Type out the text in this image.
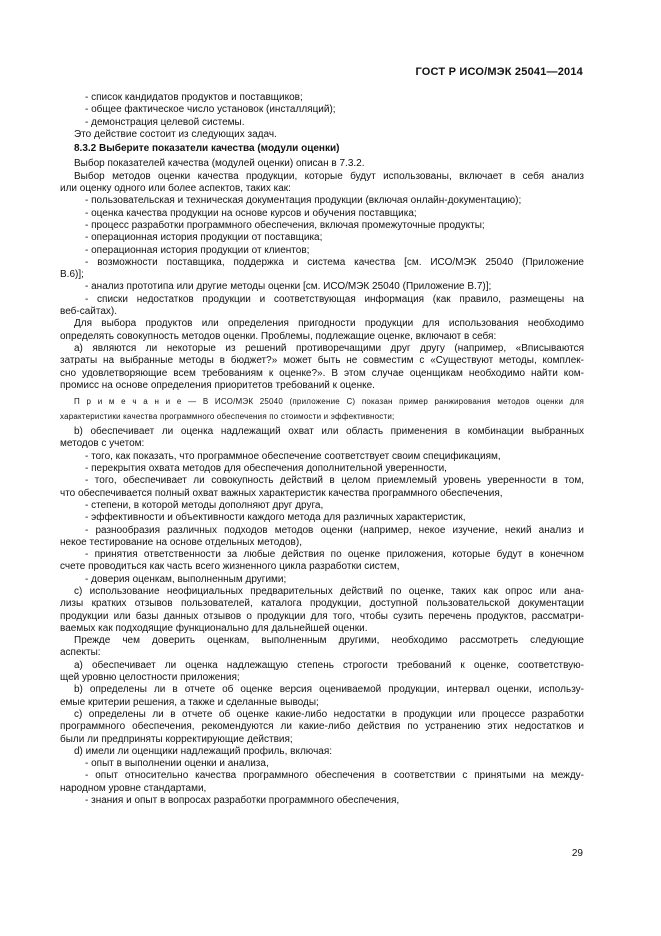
ГОСТ Р ИСО/МЭК 25041—2014
- список кандидатов продуктов и поставщиков;
- общее фактическое число установок (инсталляций);
- демонстрация целевой системы.
Это действие состоит из следующих задач.
8.3.2 Выберите показатели качества (модули оценки)
Выбор показателей качества (модулей оценки) описан в 7.3.2.
Выбор методов оценки качества продукции, которые будут использованы, включает в себя анализ
или оценку одного или более аспектов, таких как:
- пользовательская и техническая документация продукции (включая онлайн-документацию);
- оценка качества продукции на основе курсов и обучения поставщика;
- процесс разработки программного обеспечения, включая промежуточные продукты;
- операционная история продукции от поставщика;
- операционная история продукции от клиентов;
- возможности поставщика, поддержка и система качества [см. ИСО/МЭК 25040 (Приложение
В.6)];
- анализ прототипа или другие методы оценки [см. ИСО/МЭК 25040 (Приложение В.7)];
- списки недостатков продукции и соответствующая информация (как правило, размещены на
веб-сайтах).
Для выбора продуктов или определения пригодности продукции для использования необходимо
определять совокупность методов оценки. Проблемы, подлежащие оценке, включают в себя:
а) являются ли некоторые из решений противоречащими друг другу (например, «Вписываются
затраты на выбранные методы в бюджет?» может быть не совместим с «Существуют методы, комплек-
сно удовлетворяющие всем требованиям к оценке?». В этом случае оценщикам необходимо найти ком-
промисс на основе определения приоритетов требований к оценке.
П р и м е ч а н и е — В ИСО/МЭК 25040 (приложение С) показан пример ранжирования методов оценки для
характеристики качества программного обеспечения по стоимости и эффективности;
b) обеспечивает ли оценка надлежащий охват или область применения в комбинации выбранных
методов с учетом:
- того, как показать, что программное обеспечение соответствует своим спецификациям,
- перекрытия охвата методов для обеспечения дополнительной уверенности,
- того, обеспечивает ли совокупность действий в целом приемлемый уровень уверенности в том,
что обеспечивается полный охват важных характеристик качества программного обеспечения,
- степени, в которой методы дополняют друг друга,
- эффективности и объективности каждого метода для различных характеристик,
- разнообразия различных подходов методов оценки (например, некое изучение, некий анализ и
некое тестирование на основе отдельных методов),
- принятия ответственности за любые действия по оценке приложения, которые будут в конечном
счете проводиться как часть всего жизненного цикла разработки систем,
- доверия оценкам, выполненным другими;
с) использование неофициальных предварительных действий по оценке, таких как опрос или ана-
лизы кратких отзывов пользователей, каталога продукции, доступной пользовательской документации
продукции или базы данных отзывов о продукции для того, чтобы сузить перечень продуктов, рассматри-
ваемых как подходящие функционально для дальнейшей оценки.
Прежде чем доверить оценкам, выполненным другими, необходимо рассмотреть следующие
аспекты:
а) обеспечивает ли оценка надлежащую степень строгости требований к оценке, соответствую-
щей уровню целостности приложения;
b) определены ли в отчете об оценке версия оцениваемой продукции, интервал оценки, использу-
емые критерии решения, а также и сделанные выводы;
с) определены ли в отчете об оценке какие-либо недостатки в продукции или процессе разработки
программного обеспечения, рекомендуются ли какие-либо действия по устранению этих недостатков и
были ли предприняты корректирующие действия;
d) имели ли оценщики надлежащий профиль, включая:
- опыт в выполнении оценки и анализа,
- опыт относительно качества программного обеспечения в соответствии с принятыми на между-
народном уровне стандартами,
- знания и опыт в вопросах разработки программного обеспечения,
29
